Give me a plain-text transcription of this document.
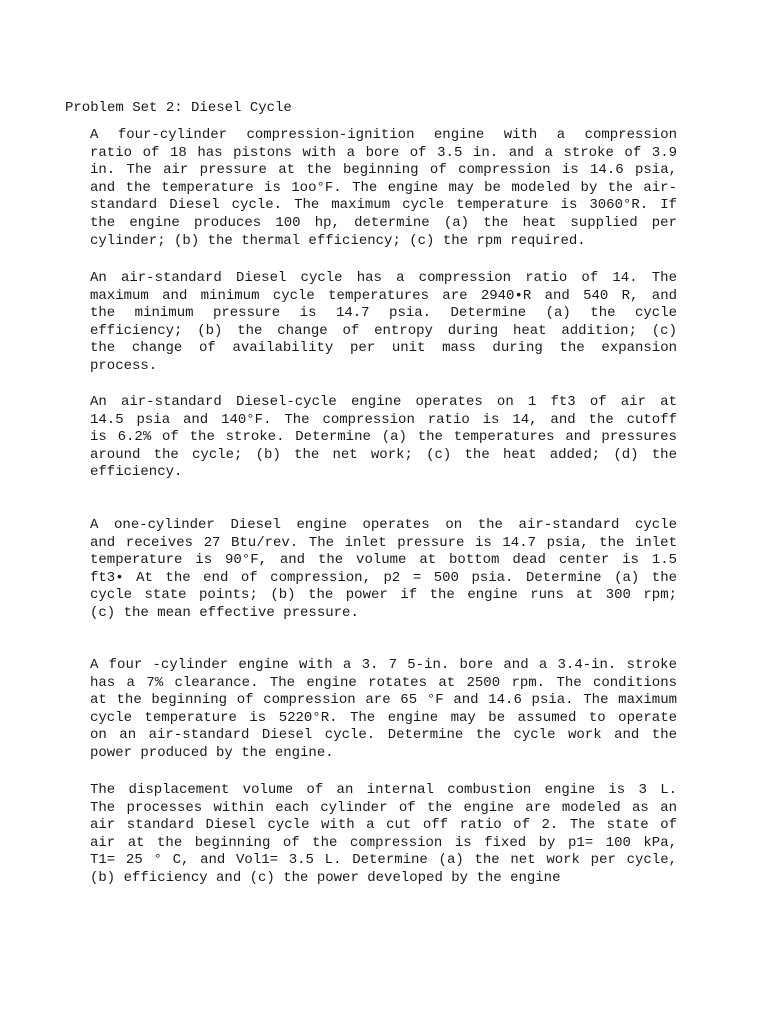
Problem Set 2: Diesel Cycle
A four-cylinder compression-ignition engine with a compression
ratio of 18 has pistons with a bore of 3.5 in. and a stroke of 3.9
in. The air pressure at the beginning of compression is 14.6 psia,
and the temperature is 1oo°F. The engine may be modeled by the air-
standard Diesel cycle. The maximum cycle temperature is 3060°R. If
the engine produces 100 hp, determine (a) the heat supplied per
cylinder; (b) the thermal efficiency; (c) the rpm required.
An air-standard Diesel cycle has a compression ratio of 14. The
maximum and minimum cycle temperatures are 2940•R and 540 R, and
the minimum pressure is 14.7 psia. Determine (a) the cycle
efficiency; (b) the change of entropy during heat addition; (c)
the change of availability per unit mass during the expansion
process.
An air-standard Diesel-cycle engine operates on 1 ft3 of air at
14.5 psia and 140°F. The compression ratio is 14, and the cutoff
is 6.2% of the stroke. Determine (a) the temperatures and pressures
around the cycle; (b) the net work; (c) the heat added; (d) the
efficiency.
A one-cylinder Diesel engine operates on the air-standard cycle
and receives 27 Btu/rev. The inlet pressure is 14.7 psia, the inlet
temperature is 90°F, and the volume at bottom dead center is 1.5
ft3• At the end of compression, p2 = 500 psia. Determine (a) the
cycle state points; (b) the power if the engine runs at 300 rpm;
(c) the mean effective pressure.
A four -cylinder engine with a 3. 7 5-in. bore and a 3.4-in. stroke
has a 7% clearance. The engine rotates at 2500 rpm. The conditions
at the beginning of compression are 65 °F and 14.6 psia. The maximum
cycle temperature is 5220°R. The engine may be assumed to operate
on an air-standard Diesel cycle. Determine the cycle work and the
power produced by the engine.
The displacement volume of an internal combustion engine is 3 L.
The processes within each cylinder of the engine are modeled as an
air standard Diesel cycle with a cut off ratio of 2. The state of
air at the beginning of the compression is fixed by p1= 100 kPa,
T1= 25 ° C, and Vol1= 3.5 L. Determine (a) the net work per cycle,
(b) efficiency and (c) the power developed by the engine
